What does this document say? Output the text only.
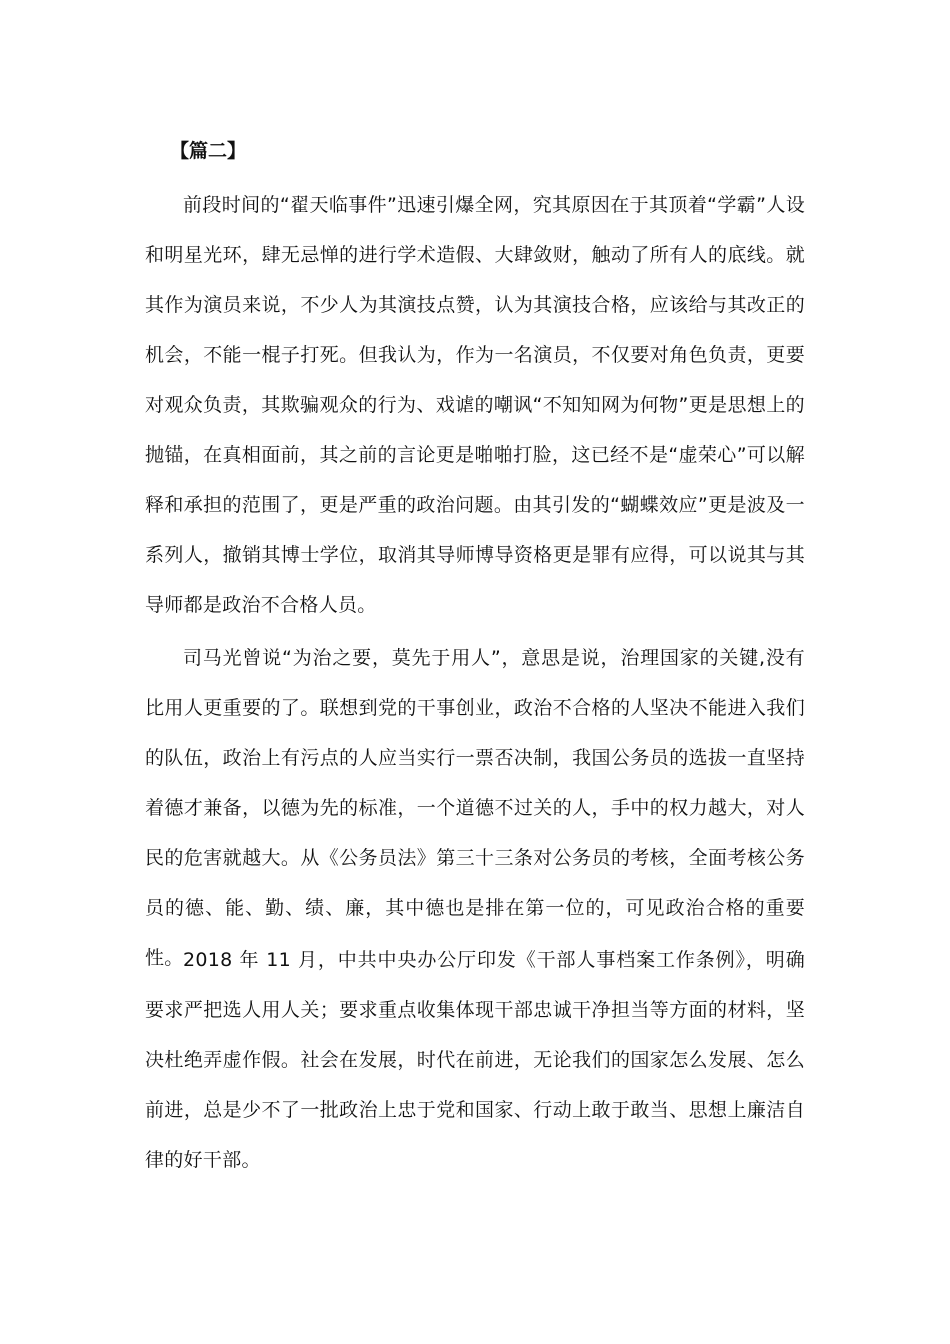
【篇二】

前段时间的“翟天临事件”迅速引爆全网，究其原因在于其顶着“学霸”人设和明星光环，肆无忌惮的进行学术造假、大肆敛财，触动了所有人的底线。就其作为演员来说，不少人为其演技点赞，认为其演技合格，应该给与其改正的机会，不能一棍子打死。但我认为，作为一名演员，不仅要对角色负责，更要对观众负责，其欺骗观众的行为、戏谑的嘲讽“不知知网为何物”更是思想上的抛锚，在真相面前，其之前的言论更是啪啪打脸，这已经不是“虚荣心”可以解释和承担的范围了，更是严重的政治问题。由其引发的“蝴蝶效应”更是波及一系列人，撤销其博士学位，取消其导师博导资格更是罪有应得，可以说其与其导师都是政治不合格人员。

司马光曾说“为治之要，莫先于用人”，意思是说，治理国家的关键,没有比用人更重要的了。联想到党的干事创业，政治不合格的人坚决不能进入我们的队伍，政治上有污点的人应当实行一票否决制，我国公务员的选拔一直坚持着德才兼备，以德为先的标准，一个道德不过关的人，手中的权力越大，对人民的危害就越大。从《公务员法》第三十三条对公务员的考核，全面考核公务员的德、能、勤、绩、廉，其中德也是排在第一位的，可见政治合格的重要性。 2018 年 11 月，中共中央办公厅印发《干部人事档案工作条例》，明确要求严把选人用人关；要求重点收集体现干部忠诚干净担当等方面的材料，坚决杜绝弄虚作假。社会在发展，时代在前进，无论我们的国家怎么发展、怎么前进，总是少不了一批政治上忠于党和国家、行动上敢于敢当、思想上廉洁自律的好干部。
